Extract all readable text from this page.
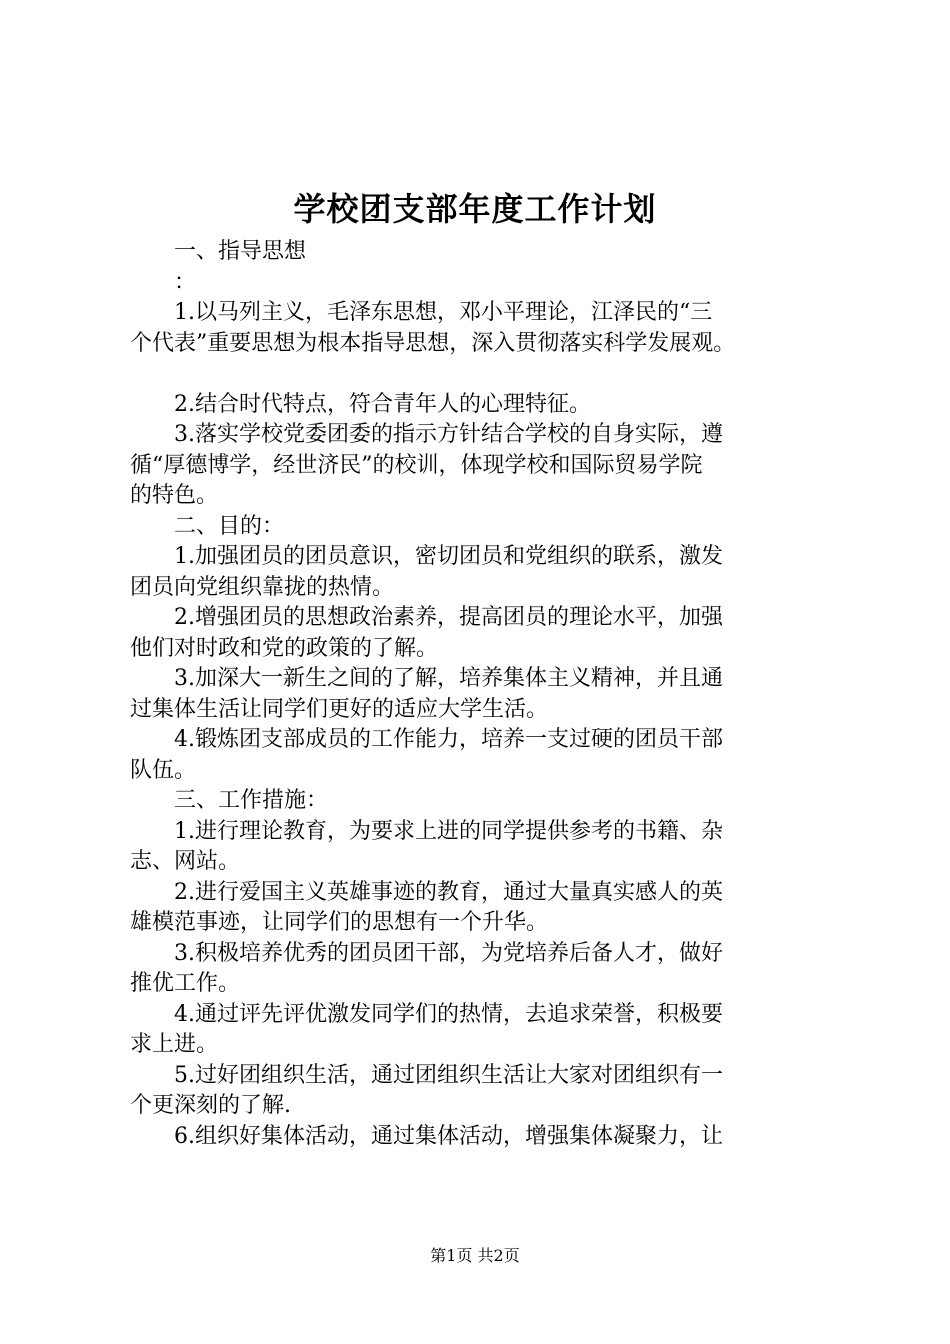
学校团支部年度工作计划
一、指导思想
：
1.以马列主义，毛泽东思想，邓小平理论，江泽民的“三
个代表”重要思想为根本指导思想，深入贯彻落实科学发展观。
2.结合时代特点，符合青年人的心理特征。
3.落实学校党委团委的指示方针结合学校的自身实际，遵
循“厚德博学，经世济民”的校训，体现学校和国际贸易学院
的特色。
二、目的：
1.加强团员的团员意识，密切团员和党组织的联系，激发
团员向党组织靠拢的热情。
2.增强团员的思想政治素养，提高团员的理论水平，加强
他们对时政和党的政策的了解。
3.加深大一新生之间的了解，培养集体主义精神，并且通
过集体生活让同学们更好的适应大学生活。
4.锻炼团支部成员的工作能力，培养一支过硬的团员干部
队伍。
三、工作措施：
1.进行理论教育，为要求上进的同学提供参考的书籍、杂
志、网站。
2.进行爱国主义英雄事迹的教育，通过大量真实感人的英
雄模范事迹，让同学们的思想有一个升华。
3.积极培养优秀的团员团干部，为党培养后备人才，做好
推优工作。
4.通过评先评优激发同学们的热情，去追求荣誉，积极要
求上进。
5.过好团组织生活，通过团组织生活让大家对团组织有一
个更深刻的了解.
6.组织好集体活动，通过集体活动，增强集体凝聚力，让
第1页 共2页
